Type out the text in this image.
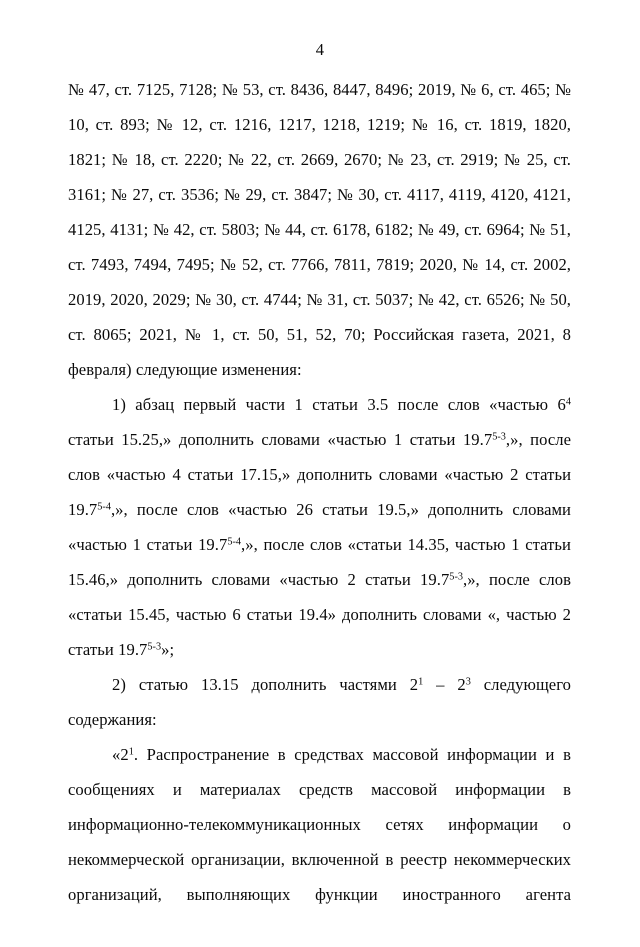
4

№ 47, ст. 7125, 7128; № 53, ст. 8436, 8447, 8496; 2019, № 6, ст. 465; № 10, ст. 893; № 12, ст. 1216, 1217, 1218, 1219; № 16, ст. 1819, 1820, 1821; № 18, ст. 2220; № 22, ст. 2669, 2670; № 23, ст. 2919; № 25, ст. 3161; № 27, ст. 3536; № 29, ст. 3847; № 30, ст. 4117, 4119, 4120, 4121, 4125, 4131; № 42, ст. 5803; № 44, ст. 6178, 6182; № 49, ст. 6964; № 51, ст. 7493, 7494, 7495; № 52, ст. 7766, 7811, 7819; 2020, № 14, ст. 2002, 2019, 2020, 2029; № 30, ст. 4744; № 31, ст. 5037; № 42, ст. 6526; № 50, ст. 8065; 2021, № 1, ст. 50, 51, 52, 70; Российская газета, 2021, 8 февраля) следующие изменения:

1) абзац первый части 1 статьи 3.5 после слов «частью $6^4$ статьи 15.25,» дополнить словами «частью 1 статьи 19.7$^{5-3}$,», после слов «частью 4 статьи 17.15,» дополнить словами «частью 2 статьи 19.7$^{5-4}$,», после слов «частью 26 статьи 19.5,» дополнить словами «частью 1 статьи 19.7$^{5-4}$,», после слов «статьи 14.35, частью 1 статьи 15.46,» дополнить словами «частью 2 статьи 19.7$^{5-3}$,», после слов «статьи 15.45, частью 6 статьи 19.4» дополнить словами «, частью 2 статьи 19.7$^{5-3}$»;

2) статью 13.15 дополнить частями $2^1 - 2^3$ следующего содержания:

«$2^1$. Распространение в средствах массовой информации и в сообщениях и материалах средств массовой информации в информационно-телекоммуникационных сетях информации о некоммерческой организации, включенной в реестр некоммерческих организаций, выполняющих функции иностранного агента
